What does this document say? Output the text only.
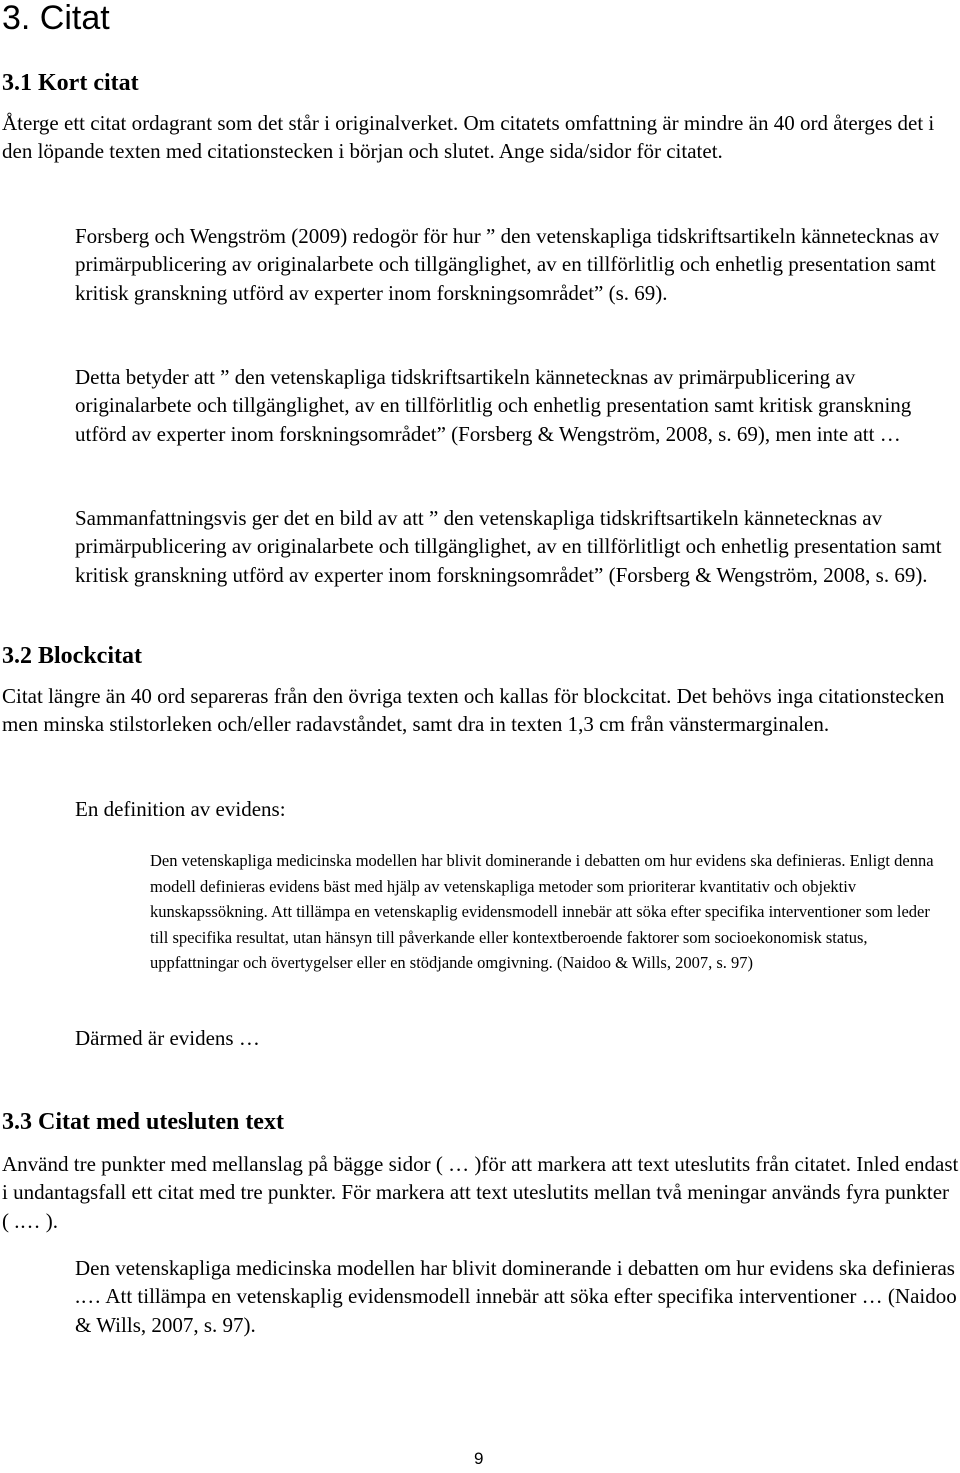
3. Citat
3.1 Kort citat

Återge ett citat ordagrant som det står i originalverket. Om citatets omfattning är mindre än 40 ord återges det i den löpande texten med citationstecken i början och slutet. Ange sida/sidor för citatet.

Forsberg och Wengström (2009) redogör för hur ” den vetenskapliga tidskriftsartikeln kännetecknas av primärpublicering av originalarbete och tillgänglighet, av en tillförlitlig och enhetlig presentation samt kritisk granskning utförd av experter inom forskningsområdet” (s. 69).

Detta betyder att ” den vetenskapliga tidskriftsartikeln kännetecknas av primärpublicering av originalarbete och tillgänglighet, av en tillförlitlig och enhetlig presentation samt kritisk granskning utförd av experter inom forskningsområdet” (Forsberg & Wengström, 2008, s. 69), men inte att …

Sammanfattningsvis ger det en bild av att ” den vetenskapliga tidskriftsartikeln kännetecknas av primärpublicering av originalarbete och tillgänglighet, av en tillförlitligt och enhetlig presentation samt kritisk granskning utförd av experter inom forskningsområdet” (Forsberg & Wengström, 2008, s. 69).

3.2 Blockcitat

Citat längre än 40 ord separeras från den övriga texten och kallas för blockcitat. Det behövs inga citationstecken men minska stilstorleken och/eller radavståndet, samt dra in texten 1,3 cm från vänstermarginalen.

En definition av evidens:

Den vetenskapliga medicinska modellen har blivit dominerande i debatten om hur evidens ska definieras. Enligt denna modell definieras evidens bäst med hjälp av vetenskapliga metoder som prioriterar kvantitativ och objektiv kunskapssökning. Att tillämpa en vetenskaplig evidensmodell innebär att söka efter specifika interventioner som leder till specifika resultat, utan hänsyn till påverkande eller kontextberoende faktorer som socioekonomisk status, uppfattningar och övertygelser eller en stödjande omgivning. (Naidoo & Wills, 2007, s. 97)

Därmed är evidens …

3.3 Citat med utesluten text

Använd tre punkter med mellanslag på bägge sidor ( … )för att markera att text uteslutits från citatet. Inled endast i undantagsfall ett citat med tre punkter. För markera att text uteslutits mellan två meningar används fyra punkter ( .… ).

Den vetenskapliga medicinska modellen har blivit dominerande i debatten om hur evidens ska definieras .… Att tillämpa en vetenskaplig evidensmodell innebär att söka efter specifika interventioner … (Naidoo & Wills, 2007, s. 97).

9
